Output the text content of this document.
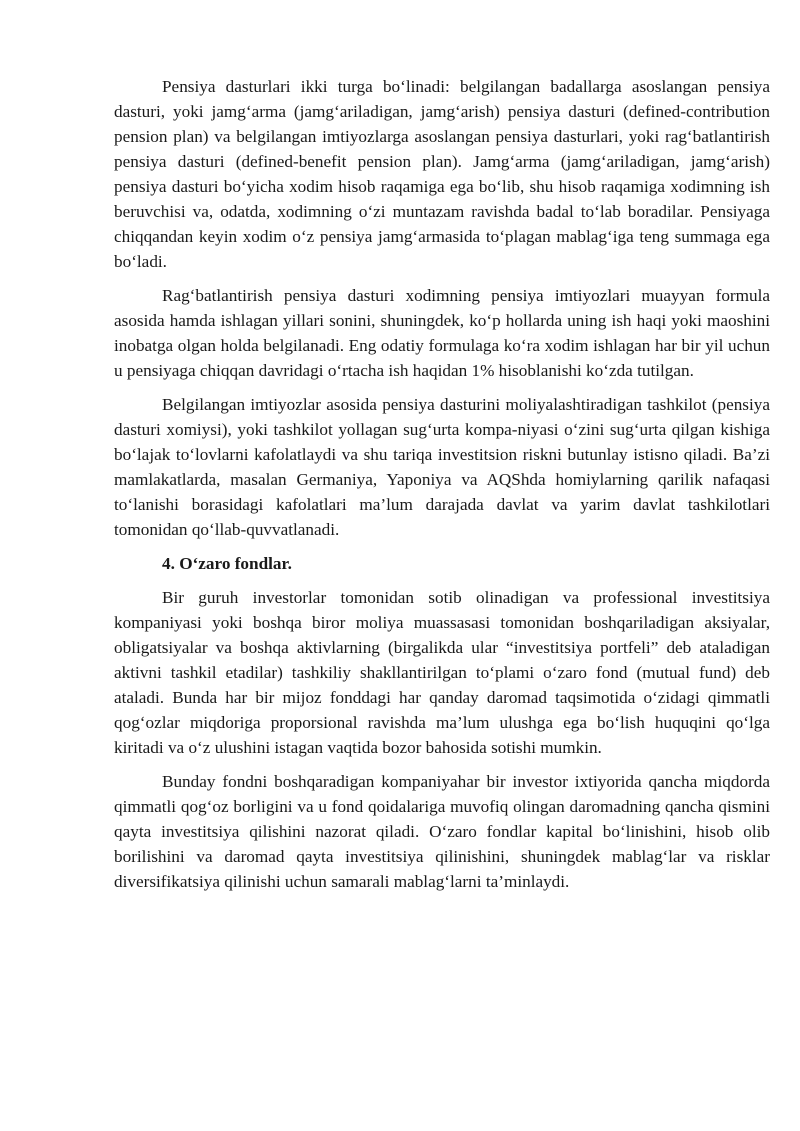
Pensiya dasturlari ikki turga bo‘linadi: belgilangan badallarga asoslangan pensiya dasturi, yoki jamg‘arma (jamg‘ariladigan, jamg‘arish) pensiya dasturi (defined-contribution pension plan) va belgilangan imtiyozlarga asoslangan pensiya dasturlari, yoki rag‘batlantirish pensiya dasturi (defined-benefit pension plan). Jamg‘arma (jamg‘ariladigan, jamg‘arish) pensiya dasturi bo‘yicha xodim hisob raqamiga ega bo‘lib, shu hisob raqamiga xodimning ish beruvchisi va, odatda, xodimning o‘zi muntazam ravishda badal to‘lab boradilar. Pensiyaga chiqqandan keyin xodim o‘z pensiya jamg‘armasida to‘plagan mablag‘iga teng summaga ega bo‘ladi.

Rag‘batlantirish pensiya dasturi xodimning pensiya imtiyozlari muayyan formula asosida hamda ishlagan yillari sonini, shuningdek, ko‘p hollarda uning ish haqi yoki maoshini inobatga olgan holda belgilanadi. Eng odatiy formulaga ko‘ra xodim ishlagan har bir yil uchun u pensiyaga chiqqan davridagi o‘rtacha ish haqidan 1% hisoblanishi ko‘zda tutilgan.

Belgilangan imtiyozlar asosida pensiya dasturini moliyalashtiradigan tashkilot (pensiya dasturi xomiysi), yoki tashkilot yollagan sug‘urta kompa-niyasi o‘zini sug‘urta qilgan kishiga bo‘lajak to‘lovlarni kafolatlaydi va shu tariqa investitsion riskni butunlay istisno qiladi. Ba’zi mamlakatlarda, masalan Germaniya, Yaponiya va AQShda homiylarning qarilik nafaqasi to‘lanishi borasidagi kafolatlari ma’lum darajada davlat va yarim davlat tashkilotlari tomonidan qo‘llab-quvvatlanadi.

4. O‘zaro fondlar.

Bir guruh investorlar tomonidan sotib olinadigan va professional investitsiya kompaniyasi yoki boshqa biror moliya muassasasi tomonidan boshqariladigan aksiyalar, obligatsiyalar va boshqa aktivlarning (birgalikda ular “investitsiya portfeli” deb ataladigan aktivni tashkil etadilar) tashkiliy shakllantirilgan to‘plami o‘zaro fond (mutual fund) deb ataladi. Bunda har bir mijoz fonddagi har qanday daromad taqsimotida o‘zidagi qimmatli qog‘ozlar miqdoriga proporsional ravishda ma’lum ulushga ega bo‘lish huquqini qo‘lga kiritadi va o‘z ulushini istagan vaqtida bozor bahosida sotishi mumkin.

Bunday fondni boshqaradigan kompaniyahar bir investor ixtiyorida qancha miqdorda qimmatli qog‘oz borligini va u fond qoidalariga muvofiq olingan daromadning qancha qismini qayta investitsiya qilishini nazorat qiladi. O‘zaro fondlar kapital bo‘linishini, hisob olib borilishini va daromad qayta investitsiya qilinishini, shuningdek mablag‘lar va risklar diversifikatsiya qilinishi uchun samarali mablag‘larni ta’minlaydi.
